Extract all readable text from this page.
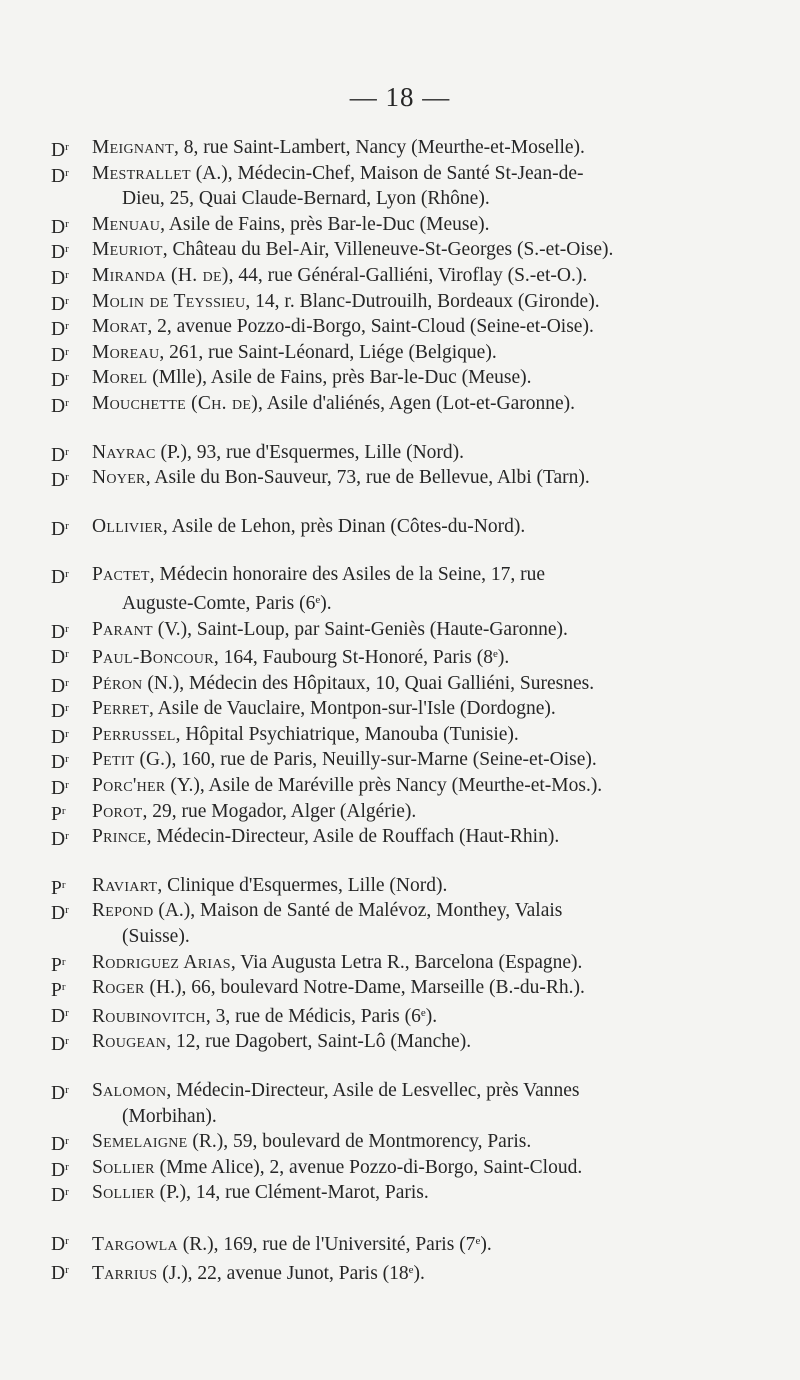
— 18 —
$D^r$	Meignant, 8, rue Saint-Lambert, Nancy (Meurthe-et-Moselle).
$D^r$	Mestrallet (A.), Médecin-Chef, Maison de Santé St-Jean-de-
Dieu, 25, Quai Claude-Bernard, Lyon (Rhône).
$D^r$	Menuau, Asile de Fains, près Bar-le-Duc (Meuse).
$D^r$	Meuriot, Château du Bel-Air, Villeneuve-St-Georges (S.-et-Oise).
$D^r$	Miranda (H. de), 44, rue Général-Galliéni, Viroflay (S.-et-O.).
$D^r$	Molin de Teyssieu, 14, r. Blanc-Dutrouilh, Bordeaux (Gironde).
$D^r$	Morat, 2, avenue Pozzo-di-Borgo, Saint-Cloud (Seine-et-Oise).
$D^r$	Moreau, 261, rue Saint-Léonard, Liége (Belgique).
$D^r$	Morel (Mlle), Asile de Fains, près Bar-le-Duc (Meuse).
$D^r$	Mouchette (Ch. de), Asile d'aliénés, Agen (Lot-et-Garonne).
$D^r$	Nayrac (P.), 93, rue d'Esquermes, Lille (Nord).
$D^r$	Noyer, Asile du Bon-Sauveur, 73, rue de Bellevue, Albi (Tarn).
$D^r$	Ollivier, Asile de Lehon, près Dinan (Côtes-du-Nord).
$D^r$	Pactet, Médecin honoraire des Asiles de la Seine, 17, rue
Auguste-Comte, Paris (6e).
$D^r$	Parant (V.), Saint-Loup, par Saint-Geniès (Haute-Garonne).
$D^r$	Paul-Boncour, 164, Faubourg St-Honoré, Paris (8e).
$D^r$	Péron (N.), Médecin des Hôpitaux, 10, Quai Galliéni, Suresnes.
$D^r$	Perret, Asile de Vauclaire, Montpon-sur-l'Isle (Dordogne).
$D^r$	Perrussel, Hôpital Psychiatrique, Manouba (Tunisie).
$D^r$	Petit (G.), 160, rue de Paris, Neuilly-sur-Marne (Seine-et-Oise).
$D^r$	Porc'her (Y.), Asile de Maréville près Nancy (Meurthe-et-Mos.).
$P^r$	Porot, 29, rue Mogador, Alger (Algérie).
$D^r$	Prince, Médecin-Directeur, Asile de Rouffach (Haut-Rhin).
$P^r$	Raviart, Clinique d'Esquermes, Lille (Nord).
$D^r$	Repond (A.), Maison de Santé de Malévoz, Monthey, Valais
(Suisse).
$P^r$	Rodriguez Arias, Via Augusta Letra R., Barcelona (Espagne).
$P^r$	Roger (H.), 66, boulevard Notre-Dame, Marseille (B.-du-Rh.).
$D^r$	Roubinovitch, 3, rue de Médicis, Paris (6e).
$D^r$	Rougean, 12, rue Dagobert, Saint-Lô (Manche).
$D^r$	Salomon, Médecin-Directeur, Asile de Lesvellec, près Vannes
(Morbihan).
$D^r$	Semelaigne (R.), 59, boulevard de Montmorency, Paris.
$D^r$	Sollier (Mme Alice), 2, avenue Pozzo-di-Borgo, Saint-Cloud.
$D^r$	Sollier (P.), 14, rue Clément-Marot, Paris.
$D^r$	Targowla (R.), 169, rue de l'Université, Paris (7e).
$D^r$	Tarrius (J.), 22, avenue Junot, Paris (18e).
